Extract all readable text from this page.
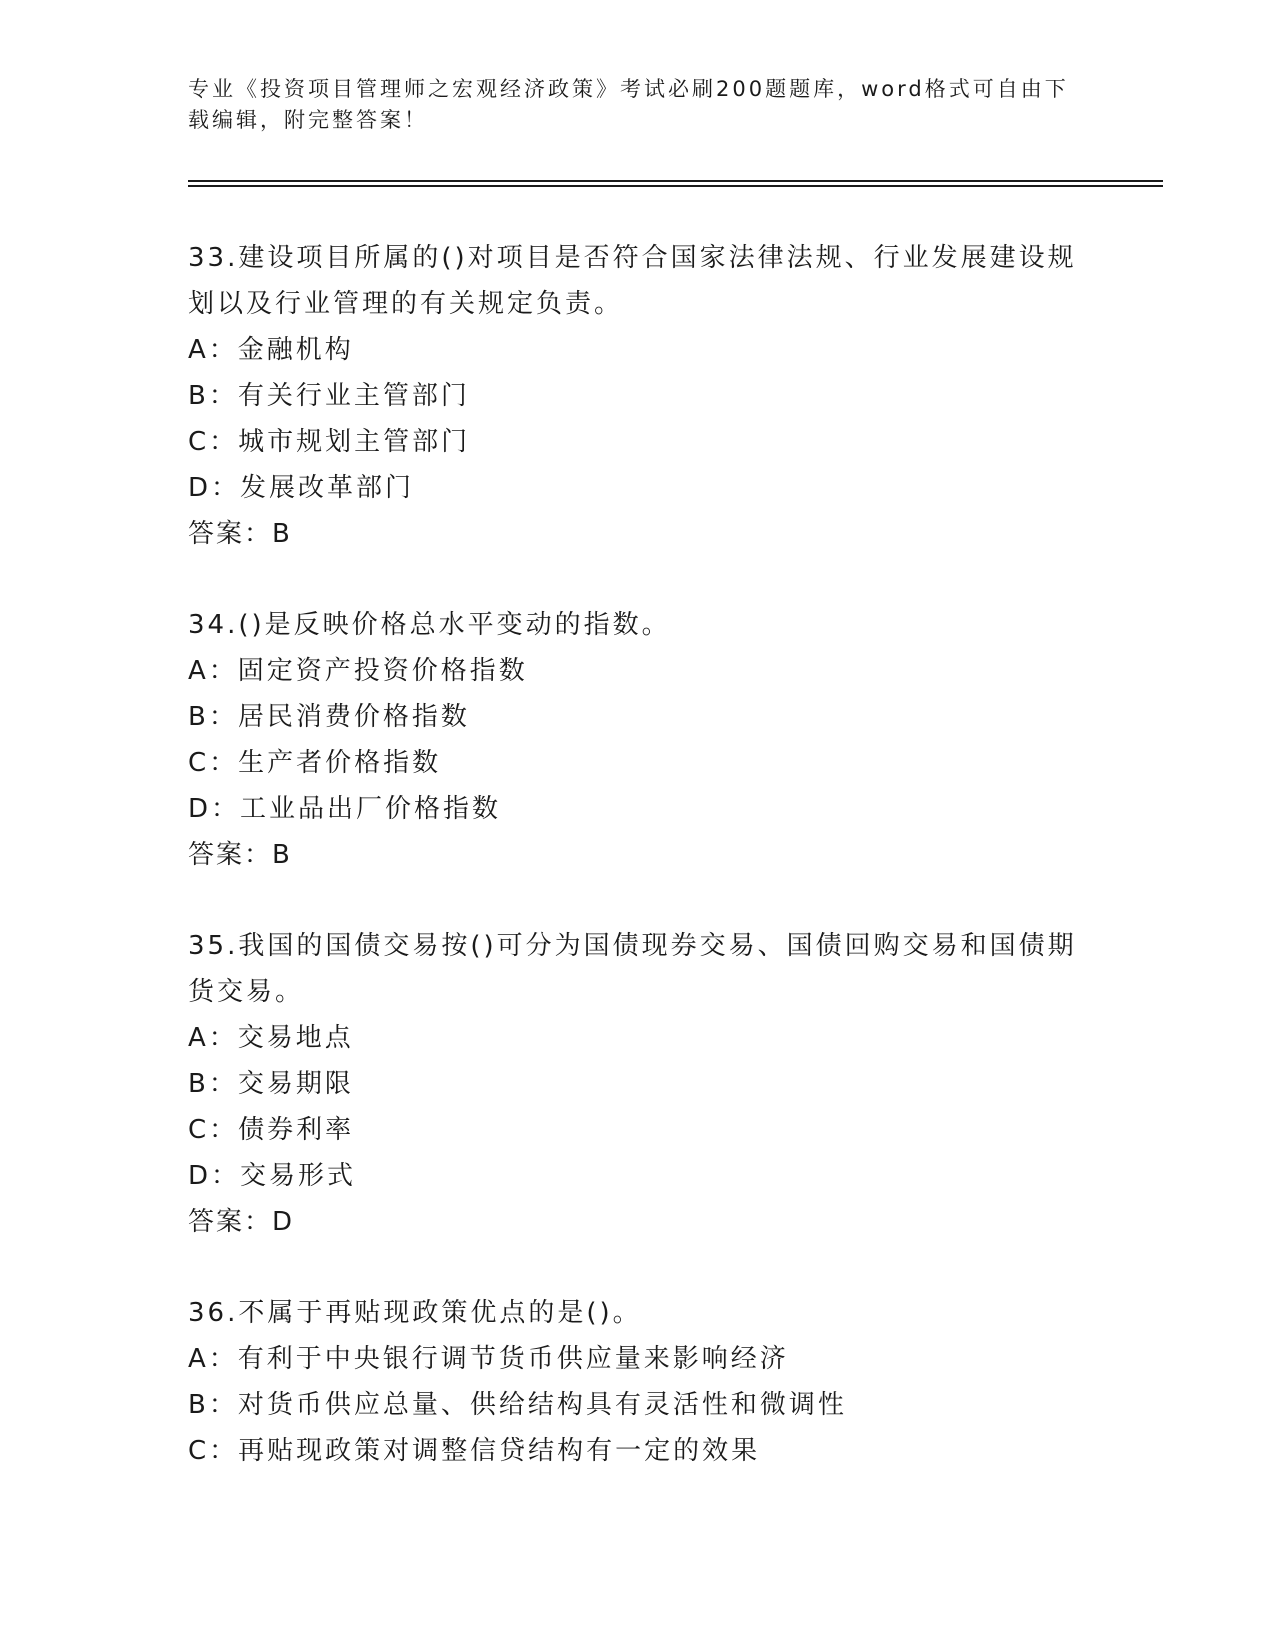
专业《投资项目管理师之宏观经济政策》考试必刷200题题库，word格式可自由下载编辑，附完整答案！
33.建设项目所属的()对项目是否符合国家法律法规、行业发展建设规划以及行业管理的有关规定负责。
A：金融机构
B：有关行业主管部门
C：城市规划主管部门
D：发展改革部门
答案：B
34.()是反映价格总水平变动的指数。
A：固定资产投资价格指数
B：居民消费价格指数
C：生产者价格指数
D：工业品出厂价格指数
答案：B
35.我国的国债交易按()可分为国债现券交易、国债回购交易和国债期货交易。
A：交易地点
B：交易期限
C：债券利率
D：交易形式
答案：D
36.不属于再贴现政策优点的是()。
A：有利于中央银行调节货币供应量来影响经济
B：对货币供应总量、供给结构具有灵活性和微调性
C：再贴现政策对调整信贷结构有一定的效果
